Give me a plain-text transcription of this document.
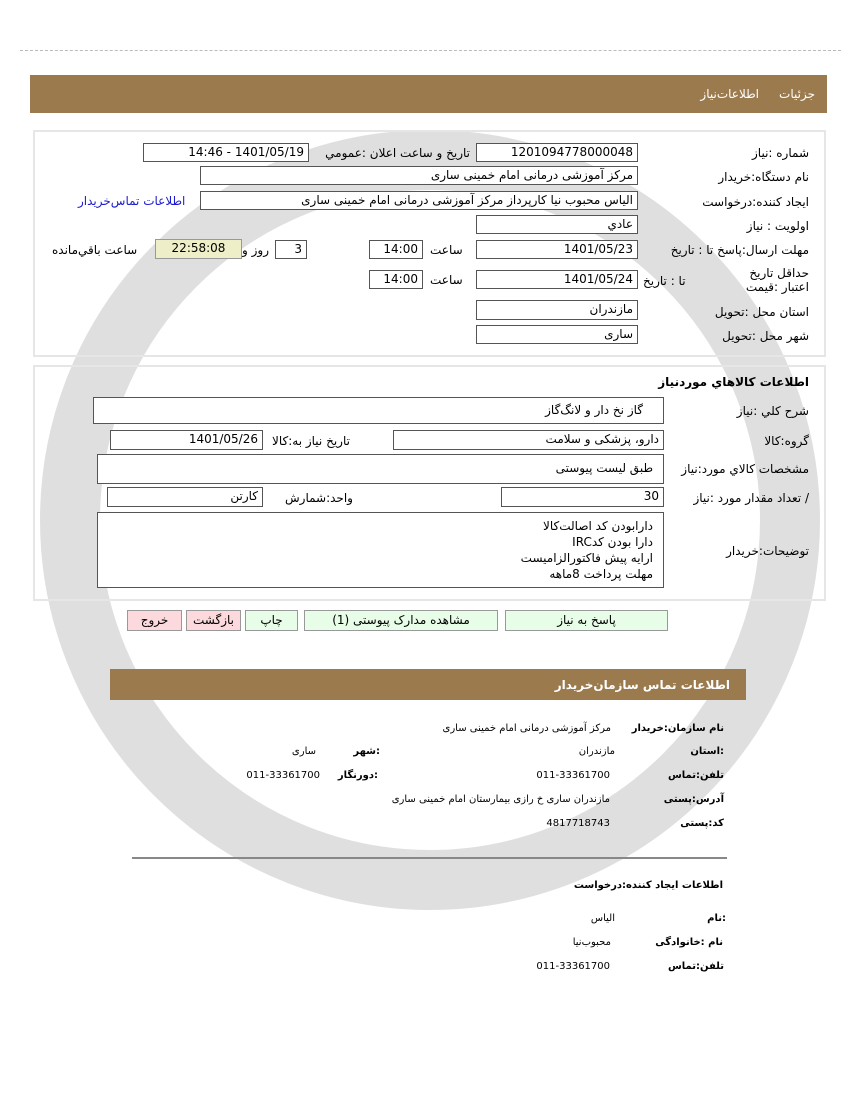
جزئیات
اطلاعات‌نیاز
شماره :نیاز
1201094778000048
تاریخ و ساعت اعلان :عمومي
1401/05/19 - 14:46
نام دستگاه:خریدار
مرکز آموزشی درمانی امام خمینی ساری
ایجاد کننده:درخواست
الیاس محبوب نیا کارپرداز مرکز آموزشی درمانی امام خمینی ساری
اطلاعات تماس‌خریدار
اولویت : نیاز
عادي
مهلت ارسال:پاسخ تا : تاریخ
1401/05/23
ساعت
14:00
3
روز و
22:58:08
ساعت باقي‌مانده
حداقل تاریخ اعتبار :قیمت
تا : تاریخ
1401/05/24
ساعت
14:00
استان محل :تحویل
مازندران
شهر محل :تحویل
ساری
اطلاعات کالاهاي موردنیاز
شرح کلي :نیاز
گاز نخ دار و لانگ‌گاز
گروه:کالا
دارو، پزشکی و سلامت
تاریخ نیاز به:کالا
1401/05/26
مشخصات کالاي مورد:نیاز
طبق لیست پیوستی
/ تعداد مقدار مورد :نیاز
30
واحد:شمارش
کارتن
توضیحات:خریدار
دارابودن کد اصالت‌کالا
دارا بودن کدIRC
ارایه پیش فاکتورالزامیست
مهلت پرداخت 8ماهه
پاسخ به نیاز
مشاهده مدارک پیوستی (1)
چاپ
بازگشت
خروج
اطلاعات تماس سازمان‌خریدار
نام سازمان:خریدار
مرکز آموزشی درمانی امام خمینی ساری
:استان
مازندران
:شهر
ساری
تلفن:تماس
011-33361700
:دورنگار
011-33361700
آدرس:پستی
مازندران ساری خ رازی بیمارستان امام خمینی ساری
کد:پستی
4817718743
اطلاعات ایجاد کننده:درخواست
:نام
الیاس
نام :خانوادگی
محبوب‌نیا
تلفن:تماس
011-33361700
